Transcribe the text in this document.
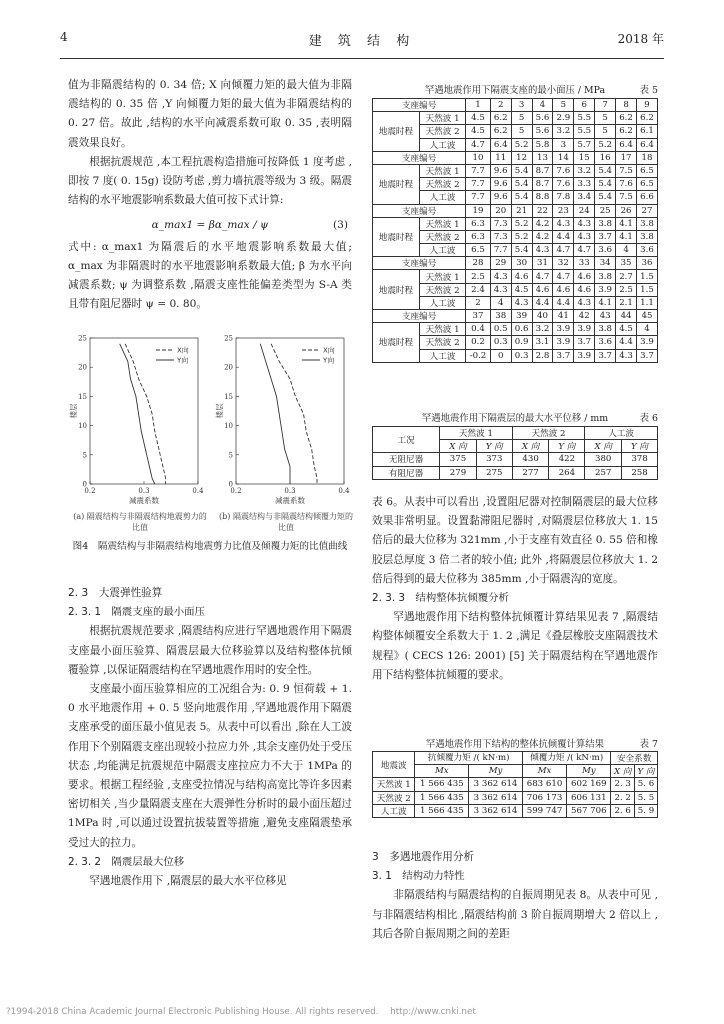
4	建 筑 结 构	2018 年

值为非隔震结构的 0. 34 倍; X 向倾覆力矩的最大值为非隔震结构的 0. 35 倍 ,Y 向倾覆力矩的最大值为非隔震结构的 0. 27 倍。故此 ,结构的水平向减震系数可取 0. 35 ,表明隔震效果良好。

根据抗震规范 ,本工程抗震构造措施可按降低 1 度考虑 ,即按 7 度( 0. 15g) 设防考虑 ,剪力墙抗震等级为 3 级。隔震结构的水平地震影响系数最大值可按下式计算:

α_max1 = βα_max / ψ	(3)

式中: α_max1 为隔震后的水平地震影响系数最大值; α_max 为非隔震时的水平地震影响系数最大值; β 为水平向减震系数; ψ 为调整系数 ,隔震支座性能偏差类型为 S-A 类且带有阻尼器时 ψ = 0. 80。

0
5
10
15
20
25
0.2	0.3	0.4
减震系数
楼层
X向
Y向
0
5
10
15
20
25
0.2	0.3	0.4
减震系数
楼层
X向
Y向
(a) 隔震结构与非隔震结构地震剪力的比值
(b) 隔震结构与非隔震结构倾覆力矩的比值
图4　隔震结构与非隔震结构地震剪力比值及倾覆力矩的比值曲线

2. 3　大震弹性验算

2. 3. 1　隔震支座的最小面压

根据抗震规范要求 ,隔震结构应进行罕遇地震作用下隔震支座最小面压验算、隔震层最大位移验算以及结构整体抗倾覆验算 ,以保证隔震结构在罕遇地震作用时的安全性。

支座最小面压验算相应的工况组合为: 0. 9 恒荷载 + 1. 0 水平地震作用 + 0. 5 竖向地震作用 ,罕遇地震作用下隔震支座承受的面压最小值见表 5。从表中可以看出 ,除在人工波作用下个别隔震支座出现较小拉应力外 ,其余支座仍处于受压状态 ,均能满足抗震规范中隔震支座拉应力不大于 1MPa 的要求。根据工程经验 ,支座受拉情况与结构高宽比等许多因素密切相关 ,当少量隔震支座在大震弹性分析时的最小面压超过 1MPa 时 ,可以通过设置抗拔装置等措施 ,避免支座隔震垫承受过大的拉力。

2. 3. 2　隔震层最大位移

罕遇地震作用下 ,隔震层的最大水平位移见

罕遇地震作用下隔震支座的最小面压 / MPa	表 5
支座编号		1	2	3	4	5	6	7	8	9
地震时程	天然波 1	4.5	6.2	5	5.6	2.9	5.5	5	6.2	6.2
	天然波 2	4.5	6.2	5	5.6	3.2	5.5	5	6.2	6.1
	人工波	4.7	6.4	5.2	5.8	3	5.7	5.2	6.4	6.4
支座编号		10	11	12	13	14	15	16	17	18
地震时程	天然波 1	7.7	9.6	5.4	8.7	7.6	3.2	5.4	7.5	6.5
	天然波 2	7.7	9.6	5.4	8.7	7.6	3.3	5.4	7.6	6.5
	人工波	7.7	9.6	5.4	8.8	7.8	3.4	5.4	7.5	6.6
支座编号		19	20	21	22	23	24	25	26	27
地震时程	天然波 1	6.3	7.3	5.2	4.2	4.3	4.3	3.8	4.1	3.8
	天然波 2	6.3	7.3	5.2	4.2	4.4	4.3	3.7	4.1	3.8
	人工波	6.5	7.7	5.4	4.3	4.7	4.7	3.6	4	3.6
支座编号		28	29	30	31	32	33	34	35	36
地震时程	天然波 1	2.5	4.3	4.6	4.7	4.7	4.6	3.8	2.7	1.5
	天然波 2	2.4	4.3	4.5	4.6	4.6	4.6	3.9	2.5	1.5
	人工波	2	4	4.3	4.4	4.4	4.3	4.1	2.1	1.1
支座编号		37	38	39	40	41	42	43	44	45
地震时程	天然波 1	0.4	0.5	0.6	3.2	3.9	3.9	3.8	4.5	4
	天然波 2	0.2	0.3	0.9	3.1	3.9	3.7	3.6	4.4	3.9
	人工波	-0.2	0	0.3	2.8	3.7	3.9	3.7	4.3	3.7
罕遇地震作用下隔震层的最大水平位移 / mm	表 6
工况	天然波 1		天然波 2		人工波	
	X 向	Y 向	X 向	Y 向	X 向	Y 向
无阻尼器	375	373	430	422	380	378
有阻尼器	279	275	277	264	257	258

表 6。从表中可以看出 ,设置阻尼器对控制隔震层的最大位移效果非常明显。设置黏滞阻尼器时 ,对隔震层位移放大 1. 15 倍后的最大位移为 321mm ,小于支座有效直径 0. 55 倍和橡胶层总厚度 3 倍二者的较小值; 此外 ,将隔震层位移放大 1. 2 倍后得到的最大位移为 385mm ,小于隔震沟的宽度。

2. 3. 3　结构整体抗倾覆分析

罕遇地震作用下结构整体抗倾覆计算结果见表 7 ,隔震结构整体倾覆安全系数大于 1. 2 ,满足《叠层橡胶支座隔震技术规程》( CECS 126: 2001) [5] 关于隔震结构在罕遇地震作用下结构整体抗倾覆的要求。

罕遇地震作用下结构的整体抗倾覆计算结果	表 7
地震波	抗倾覆力矩 /( kN·m)		倾覆力矩 /( kN·m)		安全系数	
	Mx	My	Mx	My	X 向	Y 向
天然波 1	1 566 435	3 362 614	683 610	602 169	2. 3	5. 6
天然波 2	1 566 435	3 362 614	706 173	606 131	2. 2	5. 5
人工波	1 566 435	3 362 614	599 747	567 706	2. 6	5. 9

3　多遇地震作用分析

3. 1　结构动力特性

非隔震结构与隔震结构的自振周期见表 8。从表中可见 ,与非隔震结构相比 ,隔震结构前 3 阶自振周期增大 2 倍以上 ,其后各阶自振周期之间的差距

?1994-2018 China Academic Journal Electronic Publishing House. All rights reserved.　 http://www.cnki.net
